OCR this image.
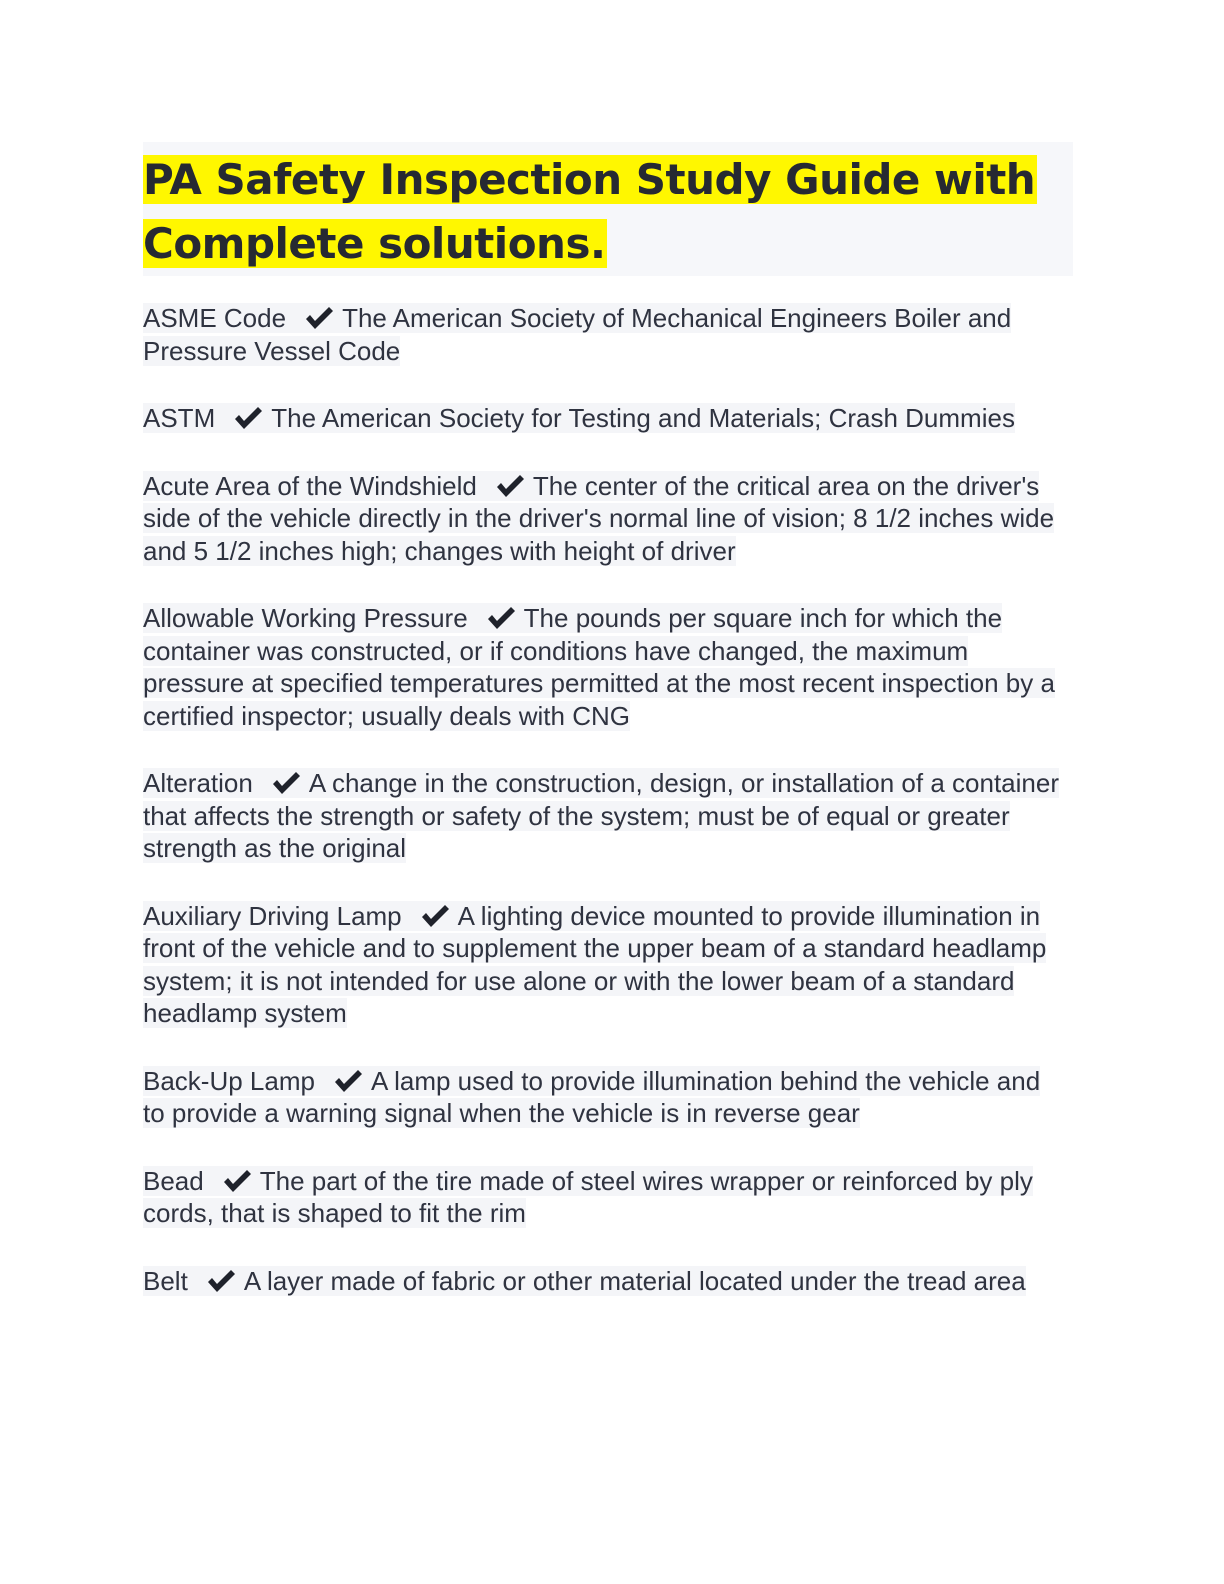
PA Safety Inspection Study Guide with Complete solutions.

ASME Code The American Society of Mechanical Engineers Boiler and Pressure Vessel Code

ASTM The American Society for Testing and Materials; Crash Dummies

Acute Area of the Windshield The center of the critical area on the driver's side of the vehicle directly in the driver's normal line of vision; 8 1/2 inches wide and 5 1/2 inches high; changes with height of driver

Allowable Working Pressure The pounds per square inch for which the container was constructed, or if conditions have changed, the maximum pressure at specified temperatures permitted at the most recent inspection by a certified inspector; usually deals with CNG

Alteration A change in the construction, design, or installation of a container that affects the strength or safety of the system; must be of equal or greater strength as the original

Auxiliary Driving Lamp A lighting device mounted to provide illumination in front of the vehicle and to supplement the upper beam of a standard headlamp system; it is not intended for use alone or with the lower beam of a standard headlamp system

Back-Up Lamp A lamp used to provide illumination behind the vehicle and to provide a warning signal when the vehicle is in reverse gear

Bead The part of the tire made of steel wires wrapper or reinforced by ply cords, that is shaped to fit the rim

Belt A layer made of fabric or other material located under the tread area
